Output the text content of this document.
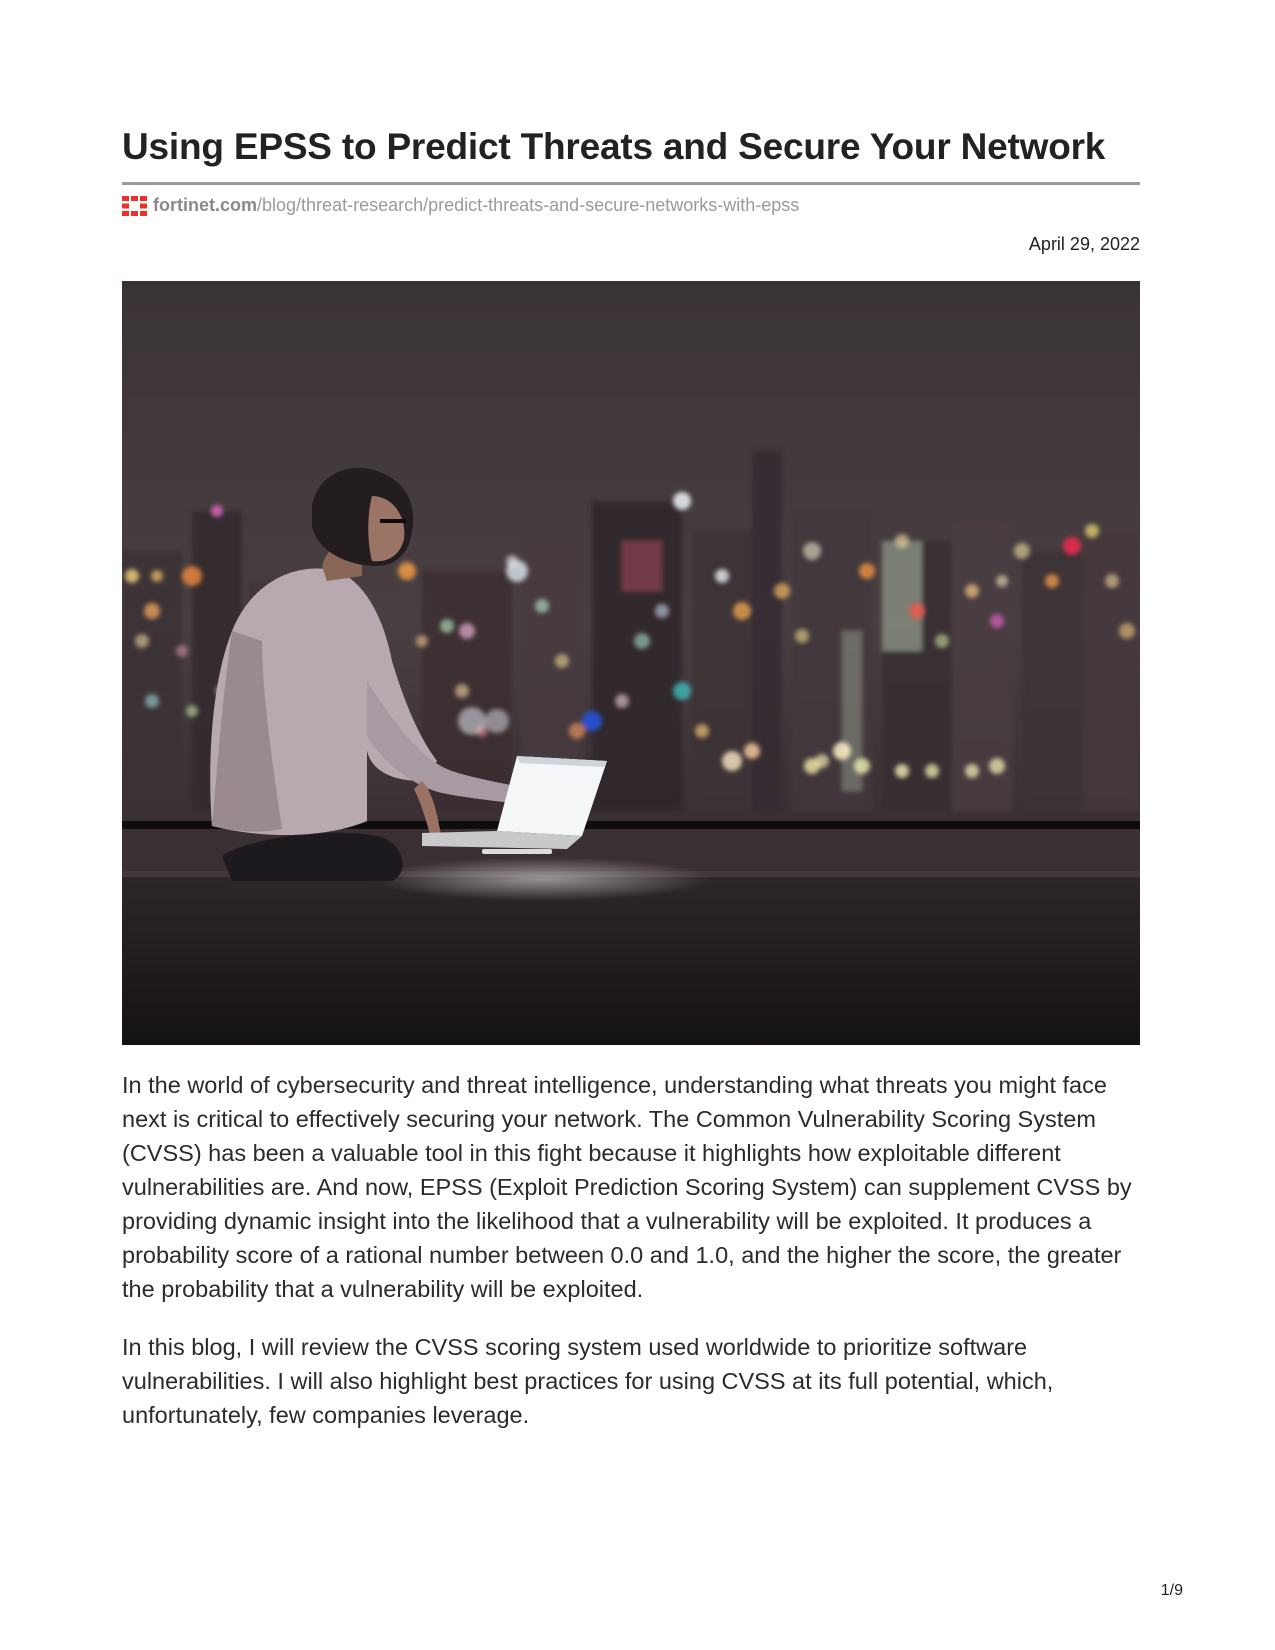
Using EPSS to Predict Threats and Secure Your Network
fortinet.com /blog/threat-research/predict-threats-and-secure-networks-with-epss
April 29, 2022

In the world of cybersecurity and threat intelligence, understanding what threats you might face next is critical to effectively securing your network. The Common Vulnerability Scoring System (CVSS) has been a valuable tool in this fight because it highlights how exploitable different vulnerabilities are. And now, EPSS (Exploit Prediction Scoring System) can supplement CVSS by providing dynamic insight into the likelihood that a vulnerability will be exploited. It produces a probability score of a rational number between 0.0 and 1.0, and the higher the score, the greater the probability that a vulnerability will be exploited.

In this blog, I will review the CVSS scoring system used worldwide to prioritize software vulnerabilities. I will also highlight best practices for using CVSS at its full potential, which, unfortunately, few companies leverage.

1/9
